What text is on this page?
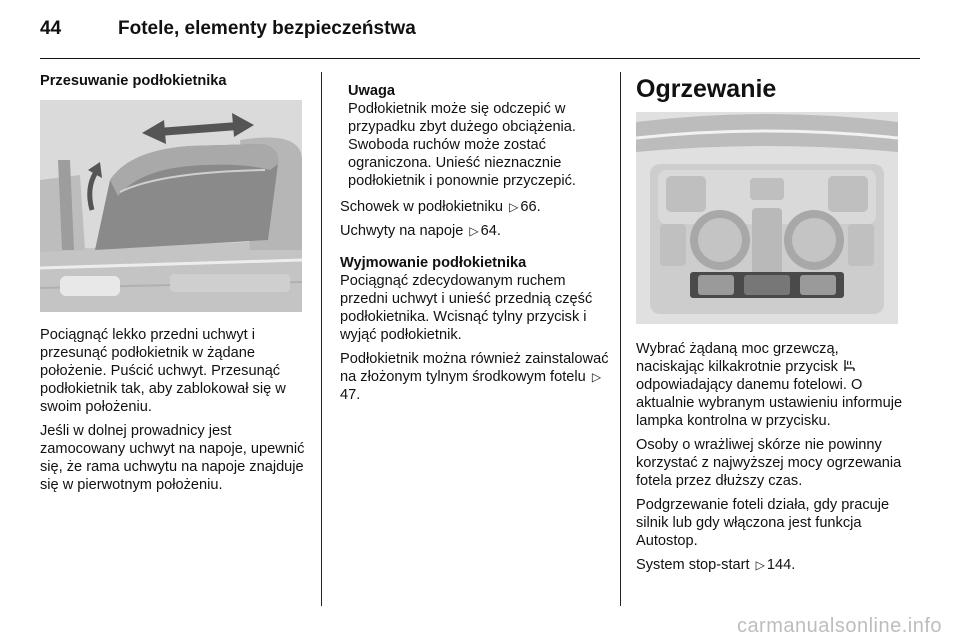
44	Fotele, elementy bezpieczeństwa
Przesuwanie podłokietnika

Pociągnąć lekko przedni uchwyt i przesunąć podłokietnik w żądane położenie. Puścić uchwyt. Przesunąć podłokietnik tak, aby zablokował się w swoim położeniu.

Jeśli w dolnej prowadnicy jest zamocowany uchwyt na napoje, upewnić się, że rama uchwytu na napoje znajduje się w pierwotnym położeniu.

Uwaga
Podłokietnik może się odczepić w przypadku zbyt dużego obciążenia. Swoboda ruchów może zostać ograniczona. Unieść nieznacznie podłokietnik i ponownie przyczepić.

Schowek w podłokietniku ▷ 66.

Uchwyty na napoje ▷ 64.

Wyjmowanie podłokietnika

Pociągnąć zdecydowanym ruchem przedni uchwyt i unieść przednią część podłokietnika. Wcisnąć tylny przycisk i wyjąć podłokietnik.

Podłokietnik można również zainstalować na złożonym tylnym środkowym fotelu ▷47.

Ogrzewanie

Wybrać żądaną moc grzewczą, naciskając kilkakrotnie przycisk  odpowiadający danemu fotelowi. O aktualnie wybranym ustawieniu informuje lampka kontrolna w przycisku.

Osoby o wrażliwej skórze nie powinny korzystać z najwyższej mocy ogrzewania fotela przez dłuższy czas.

Podgrzewanie foteli działa, gdy pracuje silnik lub gdy włączona jest funkcja Autostop.

System stop-start ▷ 144.

carmanualsonline.info
